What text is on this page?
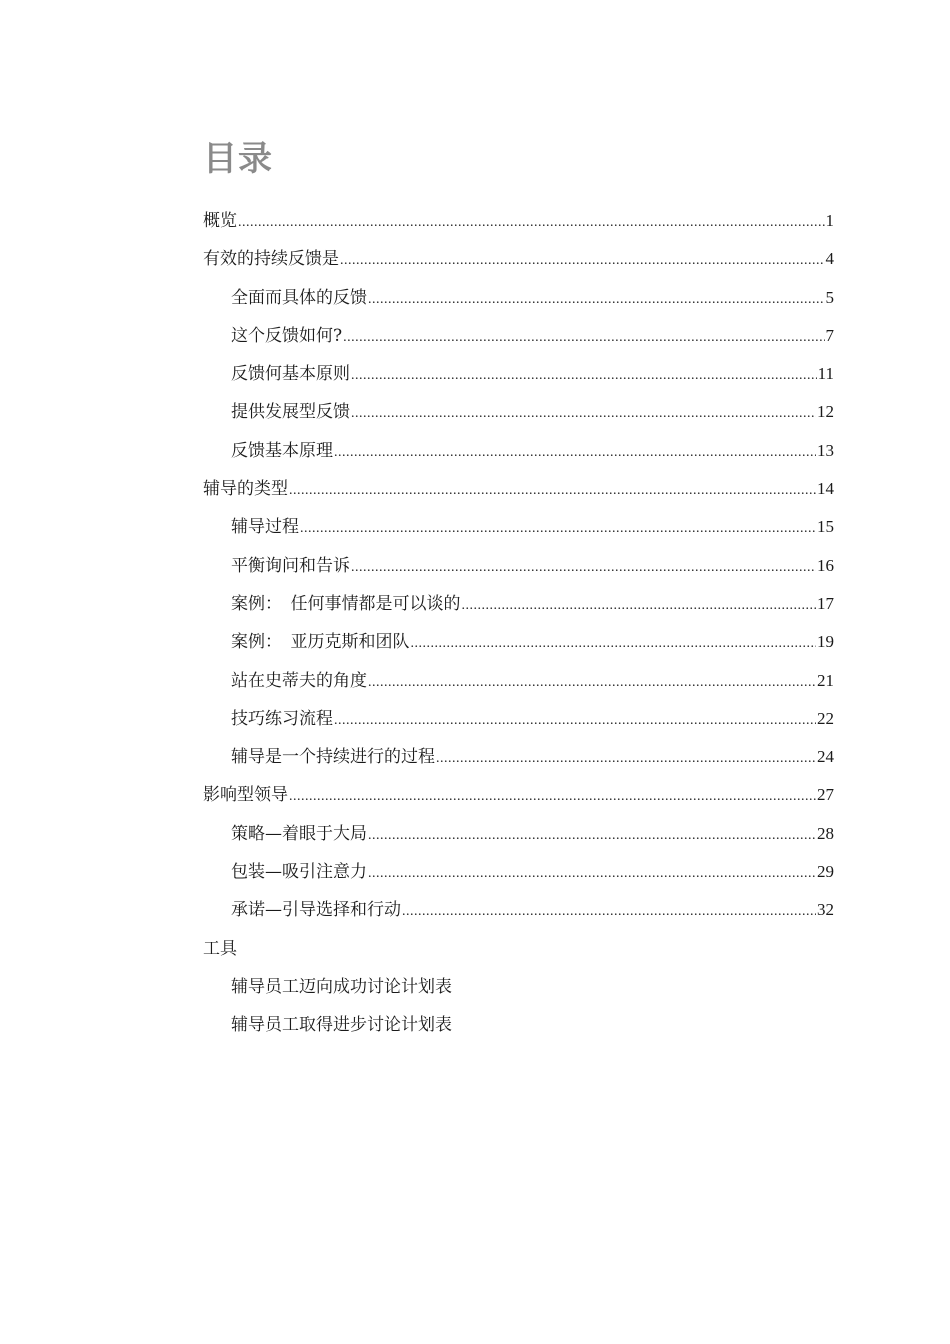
目录
概览 .....	1
有效的持续反馈是 .....	4
全面而具体的反馈 .....	5
这个反馈如何? .....	7
反馈何基本原则 .....	11
提供发展型反馈 .....	12
反馈基本原理 .....	13
辅导的类型 .....	14
辅导过程 .....	15
平衡询问和告诉 .....	16
案例：　任何事情都是可以谈的 .....	17
案例：　亚历克斯和团队 .....	19
站在史蒂夫的角度 .....	21
技巧练习流程 .....	22
辅导是一个持续进行的过程 .....	24
影响型领导 .....	27
策略—着眼于大局 .....	28
包装—吸引注意力 .....	29
承诺—引导选择和行动 .....	32
工具
辅导员工迈向成功讨论计划表
辅导员工取得进步讨论计划表
